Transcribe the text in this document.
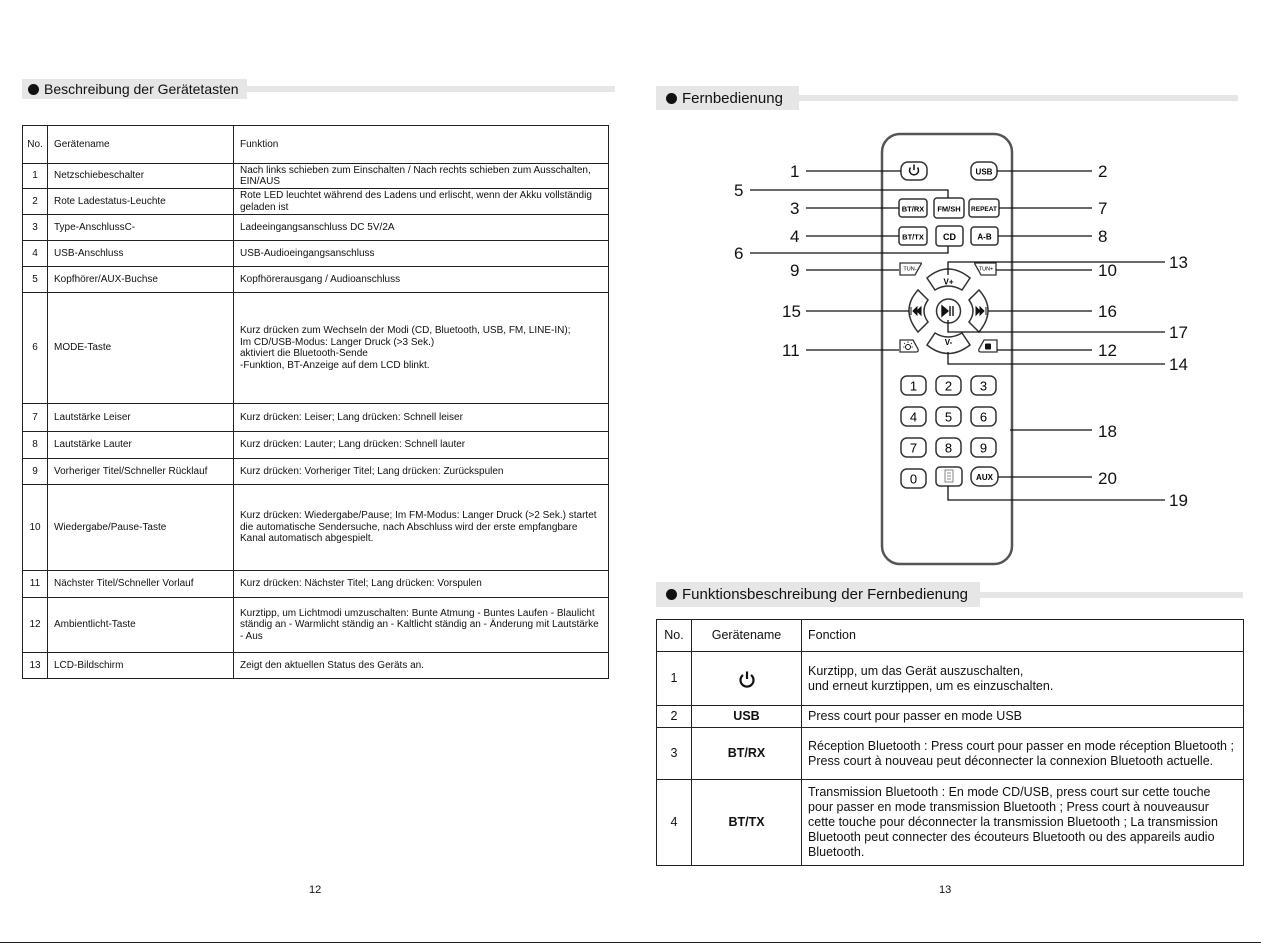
Beschreibung der Gerätetasten
No.	Gerätename	Funktion
1	Netzschiebeschalter	Nach links schieben zum Einschalten / Nach rechts schieben zum Ausschalten, EIN/AUS
2	Rote Ladestatus-Leuchte	Rote LED leuchtet während des Ladens und erlischt, wenn der Akku vollständig geladen ist
3	Type-AnschlussC-	Ladeeingangsanschluss DC 5V/2A
4	USB-Anschluss	USB-Audioeingangsanschluss
5	Kopfhörer/AUX-Buchse	Kopfhörerausgang / Audioanschluss
6	MODE-Taste	Kurz drücken zum Wechseln der Modi (CD, Bluetooth, USB, FM, LINE-IN);
Im CD/USB-Modus: Langer Druck (>3 Sek.)
aktiviert die Bluetooth-Sende
-Funktion, BT-Anzeige auf dem LCD blinkt.
7	Lautstärke Leiser	Kurz drücken: Leiser; Lang drücken: Schnell leiser
8	Lautstärke Lauter	Kurz drücken: Lauter; Lang drücken: Schnell lauter
9	Vorheriger Titel/Schneller Rücklauf	Kurz drücken: Vorheriger Titel; Lang drücken: Zurückspulen
10	Wiedergabe/Pause-Taste	Kurz drücken: Wiedergabe/Pause; Im FM-Modus: Langer Druck (>2 Sek.) startet die automatische Sendersuche, nach Abschluss wird der erste empfangbare Kanal automatisch abgespielt.
11	Nächster Titel/Schneller Vorlauf	Kurz drücken: Nächster Titel; Lang drücken: Vorspulen
12	Ambientlicht-Taste	Kurztipp, um Lichtmodi umzuschalten: Bunte Atmung - Buntes Laufen - Blaulicht ständig an - Warmlicht ständig an - Kaltlicht ständig an - Änderung mit Lautstärke - Aus
13	LCD-Bildschirm	Zeigt den aktuellen Status des Geräts an.
12
Fernbedienung
USB
BT/RX FM/SH REPEAT
BT/TX CD	A-B
TUN-	TUN+
V+
V-
1 2 3
4 5 6
7 8 9
0	AUX
1	2
3
4
5
6
7
8
9	10
11	12
13
14
15	16
17
18
19
20
Funktionsbeschreibung der Fernbedienung
No.	Gerätename	Fonction
1		Kurztipp, um das Gerät auszuschalten,
und erneut kurztippen, um es einzuschalten.
2	USB	Press court pour passer en mode USB
3	BT/RX	Réception Bluetooth : Press court pour passer en mode réception Bluetooth ; Press court à nouveau peut déconnecter la connexion Bluetooth actuelle.
4	BT/TX	Transmission Bluetooth : En mode CD/USB, press court sur cette touche pour passer en mode transmission Bluetooth ; Press court à nouveausur cette touche pour déconnecter la transmission Bluetooth ; La transmission Bluetooth peut connecter des écouteurs Bluetooth ou des appareils audio Bluetooth.
13
